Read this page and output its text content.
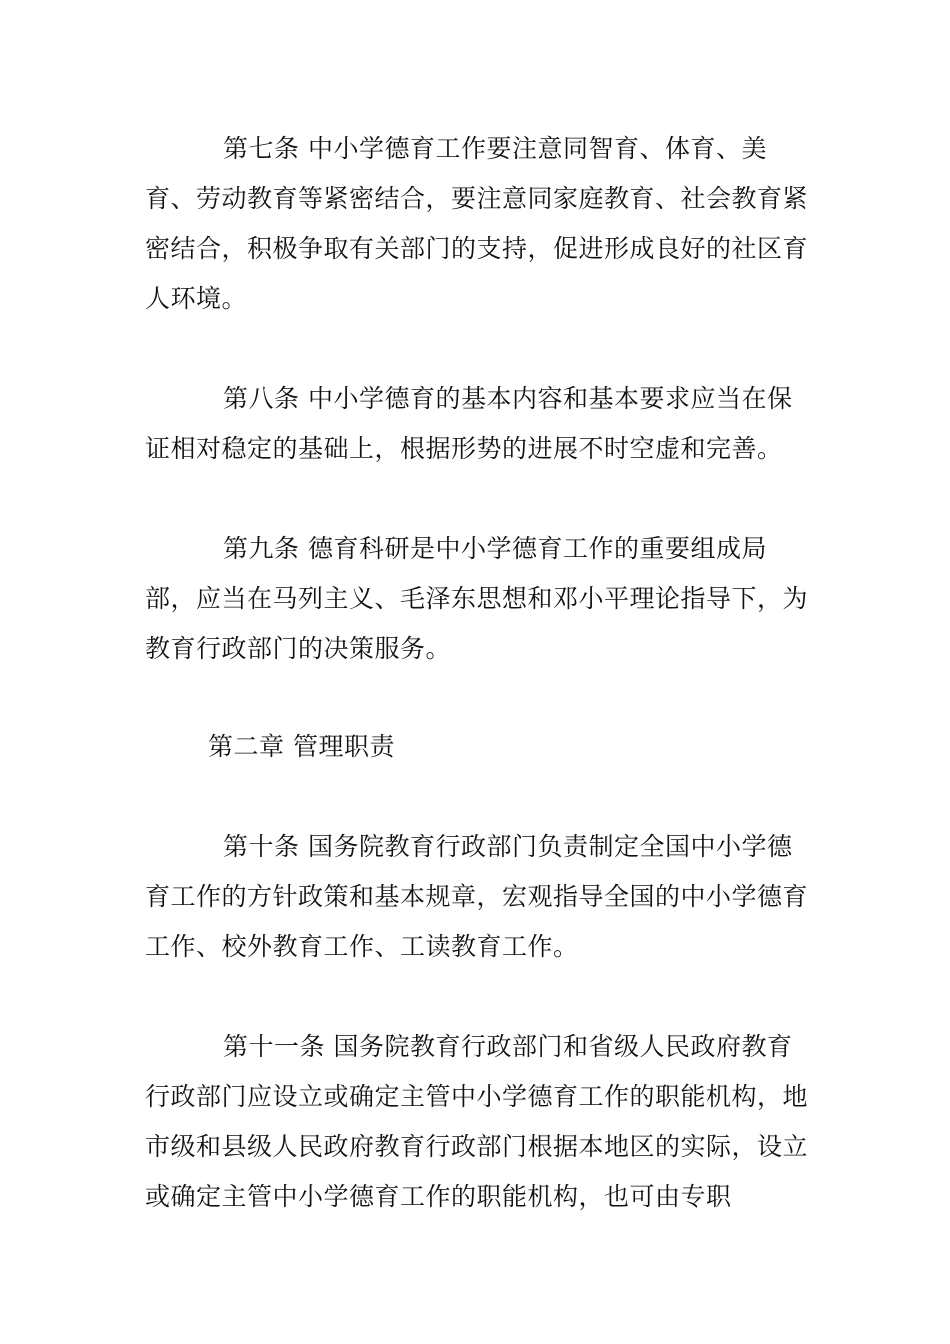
第七条 中小学德育工作要注意同智育、体育、美育、劳动教育等紧密结合，要注意同家庭教育、社会教育紧密结合，积极争取有关部门的支持，促进形成良好的社区育人环境。

第八条 中小学德育的基本内容和基本要求应当在保证相对稳定的基础上，根据形势的进展不时空虚和完善。

第九条 德育科研是中小学德育工作的重要组成局部，应当在马列主义、毛泽东思想和邓小平理论指导下，为教育行政部门的决策服务。

第二章 管理职责

第十条 国务院教育行政部门负责制定全国中小学德育工作的方针政策和基本规章，宏观指导全国的中小学德育工作、校外教育工作、工读教育工作。

第十一条 国务院教育行政部门和省级人民政府教育行政部门应设立或确定主管中小学德育工作的职能机构，地市级和县级人民政府教育行政部门根据本地区的实际，设立或确定主管中小学德育工作的职能机构，也可由专职
